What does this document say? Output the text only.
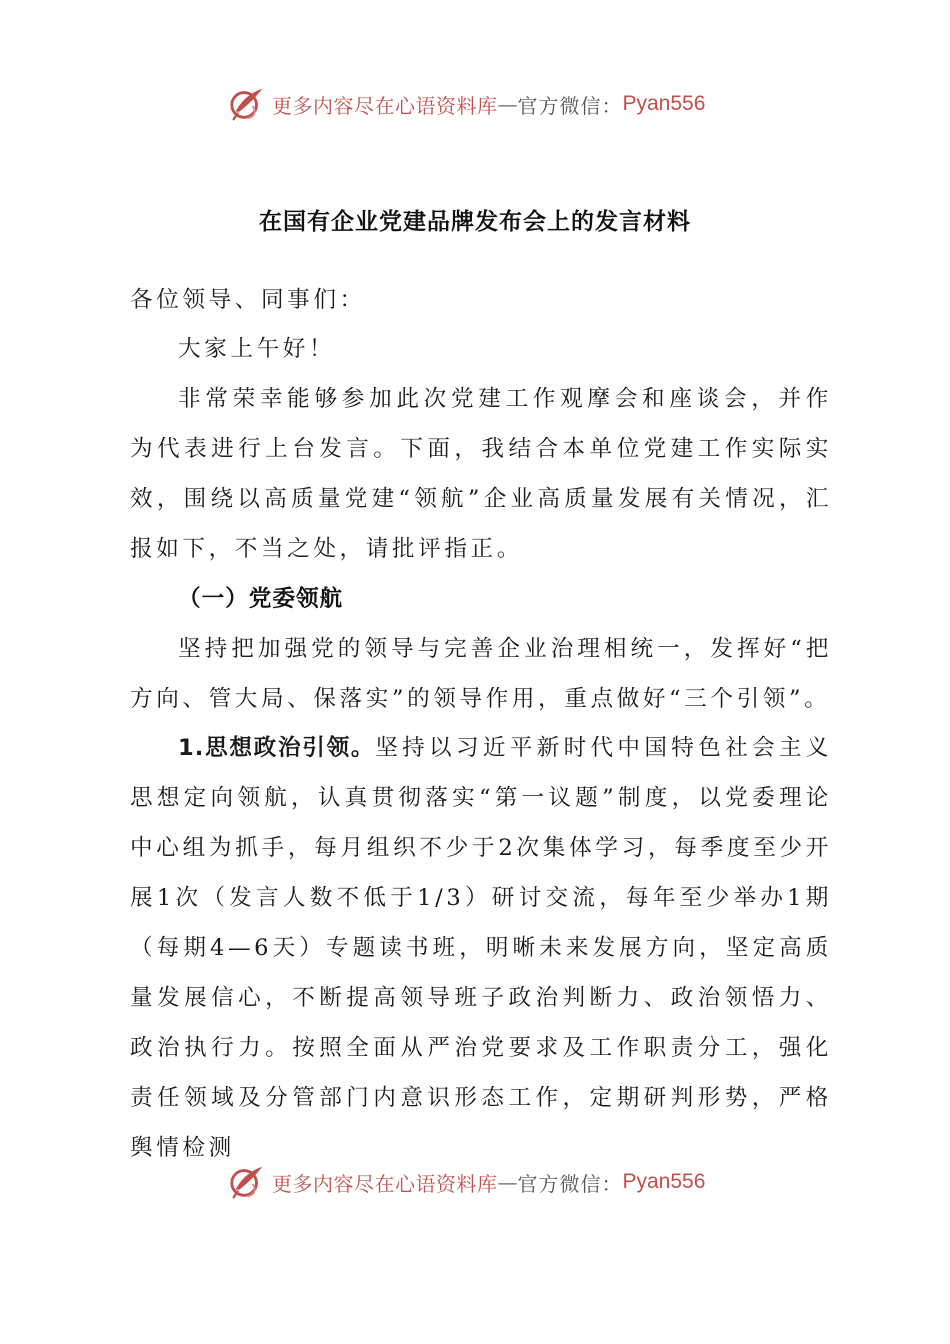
更多内容尽在心语资料库 — 官方微信： Pyan556
在国有企业党建品牌发布会上的发言材料
各位领导、同事们：
大家上午好！
非常荣幸能够参加此次党建工作观摩会和座谈会，并作为代表进行上台发言。下面，我结合本单位党建工作实际实效，围绕以高质量党建“领航”企业高质量发展有关情况，汇报如下，不当之处，请批评指正。
（一）党委领航
坚持把加强党的领导与完善企业治理相统一，发挥好“把方向、管大局、保落实”的领导作用，重点做好“三个引领”。
1.思想政治引领。坚持以习近平新时代中国特色社会主义思想定向领航，认真贯彻落实“第一议题”制度，以党委理论中心组为抓手，每月组织不少于2次集体学习，每季度至少开展1次（发言人数不低于1/3）研讨交流，每年至少举办1期（每期4—6天）专题读书班，明晰未来发展方向，坚定高质量发展信心，不断提高领导班子政治判断力、政治领悟力、政治执行力。按照全面从严治党要求及工作职责分工，强化责任领域及分管部门内意识形态工作，定期研判形势，严格舆情检测
更多内容尽在心语资料库 — 官方微信： Pyan556
